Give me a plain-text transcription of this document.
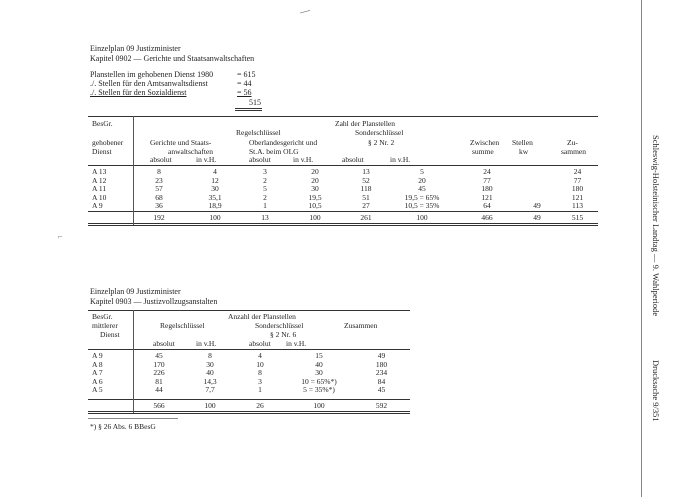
—
⌐	Schleswig-Holsteinischer Landtag — 9. Wahlperiode
Drucksache 9/351
Einzelplan 09 Justizminister
Kapitel 0902 — Gerichte und Staatsanwaltschaften
Planstellen im gehobenen Dienst 1980	= 615
./. Stellen für den Amtsanwaltsdienst	= 44
./. Stellen für den Sozialdienst	= 56
515
BesGr.	Zahl der Planstellen
Regelschlüssel	Sonderschlüssel
gehobener	Gerichte und Staats-	Oberlandesgericht und	§ 2 Nr. 2	Zwischen Stellen	Zu-
Dienst	anwaltschaften	St.A. beim OLG	summe	kw	sammen
absolut	in v.H.	absolut	in v.H.	absolut	in v.H.
A 13	8	4	3	20	13	5	24		24
A 12	23	12	2	20	52	20	77		77
A 11	57	30	5	30	118	45	180		180
A 10	68	35,1	2	19,5	51	19,5 = 65%	121		121
A 9	36	18,9	1	10,5	27	10,5 = 35%	64	49	113
	192	100	13	100	261	100	466	49	515
Einzelplan 09 Justizminister
Kapitel 0903 — Justizvollzugsanstalten
BesGr.	Anzahl der Planstellen
mittlerer	Regelschlüssel	Sonderschlüssel	Zusammen
Dienst	§ 2 Nr. 6
absolut	in v.H.	absolut in v.H.
A 9	45	8	4	15	49
A 8	170	30	10	40	180
A 7	226	40	8	30	234
A 6	81	14,3	3	10 = 65%*)	84
A 5	44	7,7	1	5 = 35%*)	45
	566	100	26	100	592
*) § 26 Abs. 6 BBesG
